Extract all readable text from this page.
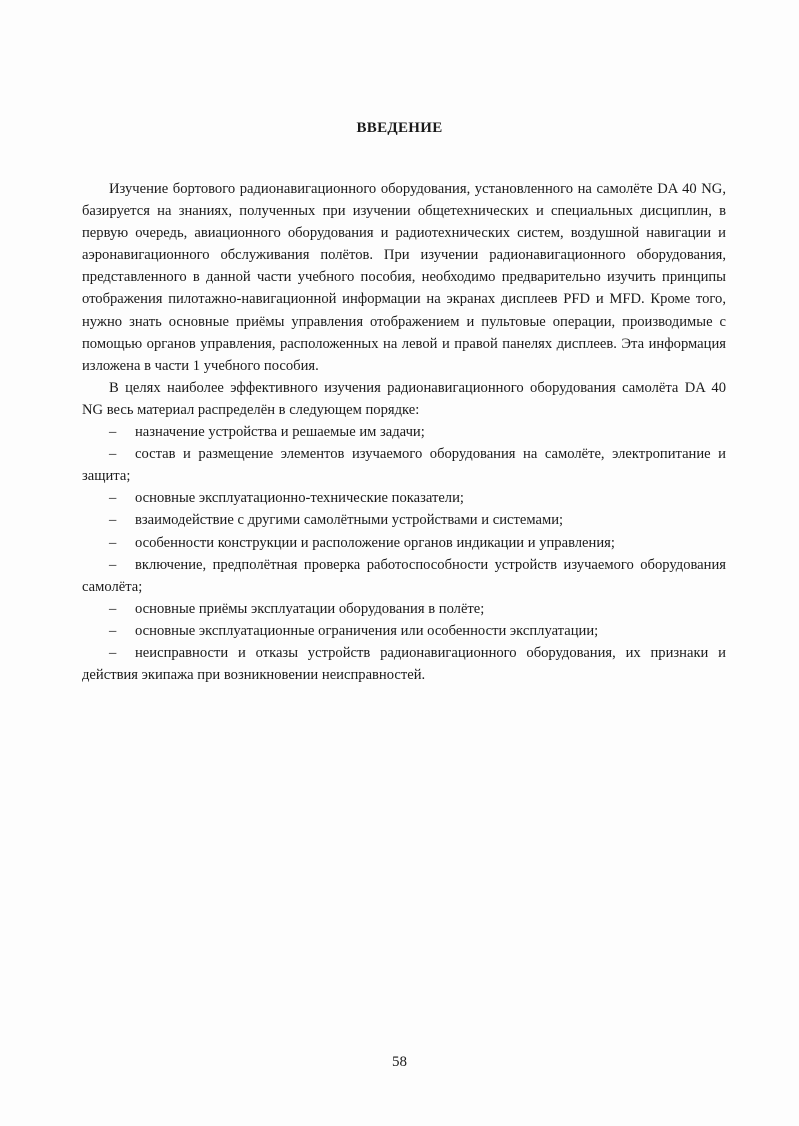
ВВЕДЕНИЕ

Изучение бортового радионавигационного оборудования, установленного на самолёте DA 40 NG, базируется на знаниях, полученных при изучении общетехнических и специальных дисциплин, в первую очередь, авиационного оборудования и радиотехнических систем, воздушной навигации и аэронавигационного обслуживания полётов. При изучении радионавигационного оборудования, представленного в данной части учебного пособия, необходимо предварительно изучить принципы отображения пилотажно-навигационной информации на экранах дисплеев PFD и MFD. Кроме того, нужно знать основные приёмы управления отображением и пультовые операции, производимые с помощью органов управления, расположенных на левой и правой панелях дисплеев. Эта информация изложена в части 1 учебного пособия.

В целях наиболее эффективного изучения радионавигационного оборудования самолёта DA 40 NG весь материал распределён в следующем порядке:

– назначение устройства и решаемые им задачи;
– состав и размещение элементов изучаемого оборудования на самолёте, электропитание и защита;
– основные эксплуатационно-технические показатели;
– взаимодействие с другими самолётными устройствами и системами;
– особенности конструкции и расположение органов индикации и управления;
– включение, предполётная проверка работоспособности устройств изучаемого оборудования самолёта;
– основные приёмы эксплуатации оборудования в полёте;
– основные эксплуатационные ограничения или особенности эксплуатации;
– неисправности и отказы устройств радионавигационного оборудования, их признаки и действия экипажа при возникновении неисправностей.
58
